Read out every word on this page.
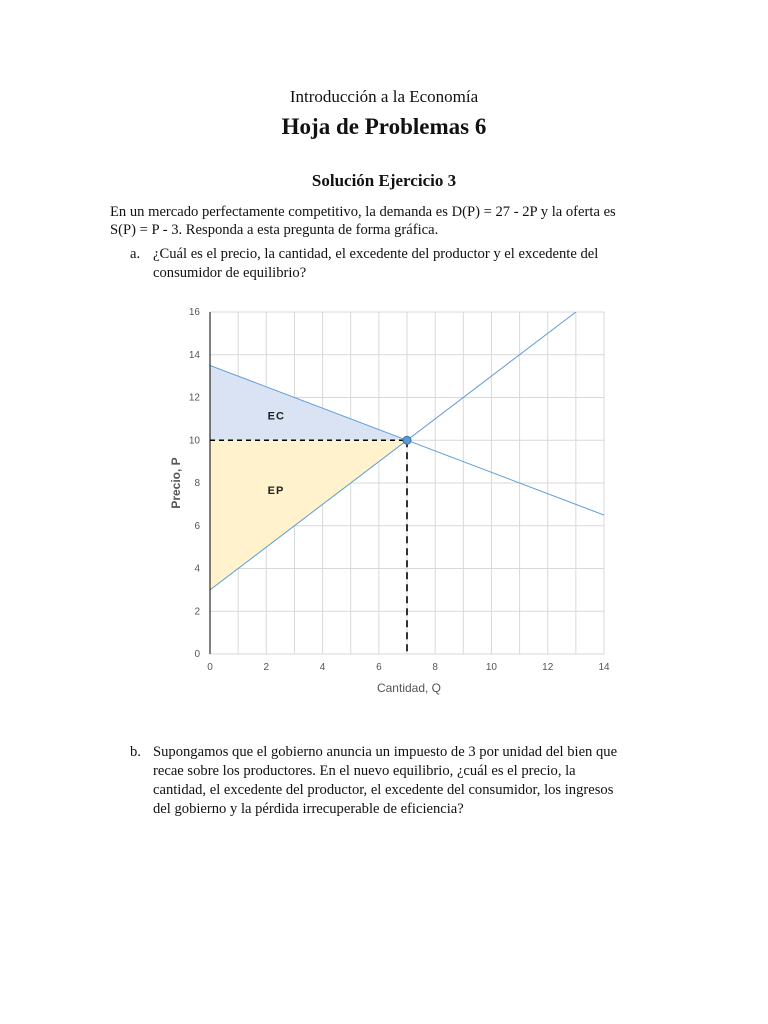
Introducción a la Economía
Hoja de Problemas 6
Solución Ejercicio 3
En un mercado perfectamente competitivo, la demanda es D(P) = 27 - 2P y la oferta es
S(P) = P - 3. Responda a esta pregunta de forma gráfica.
a. ¿Cuál es el precio, la cantidad, el excedente del productor y el excedente del
consumidor de equilibrio?
0	2	4	6	8	10	12	14
0
2
4
6
8
10
12
14
16
EC
EP
Cantidad, Q
Precio, P
b. Supongamos que el gobierno anuncia un impuesto de 3 por unidad del bien que
recae sobre los productores. En el nuevo equilibrio, ¿cuál es el precio, la
cantidad, el excedente del productor, el excedente del consumidor, los ingresos
del gobierno y la pérdida irrecuperable de eficiencia?
